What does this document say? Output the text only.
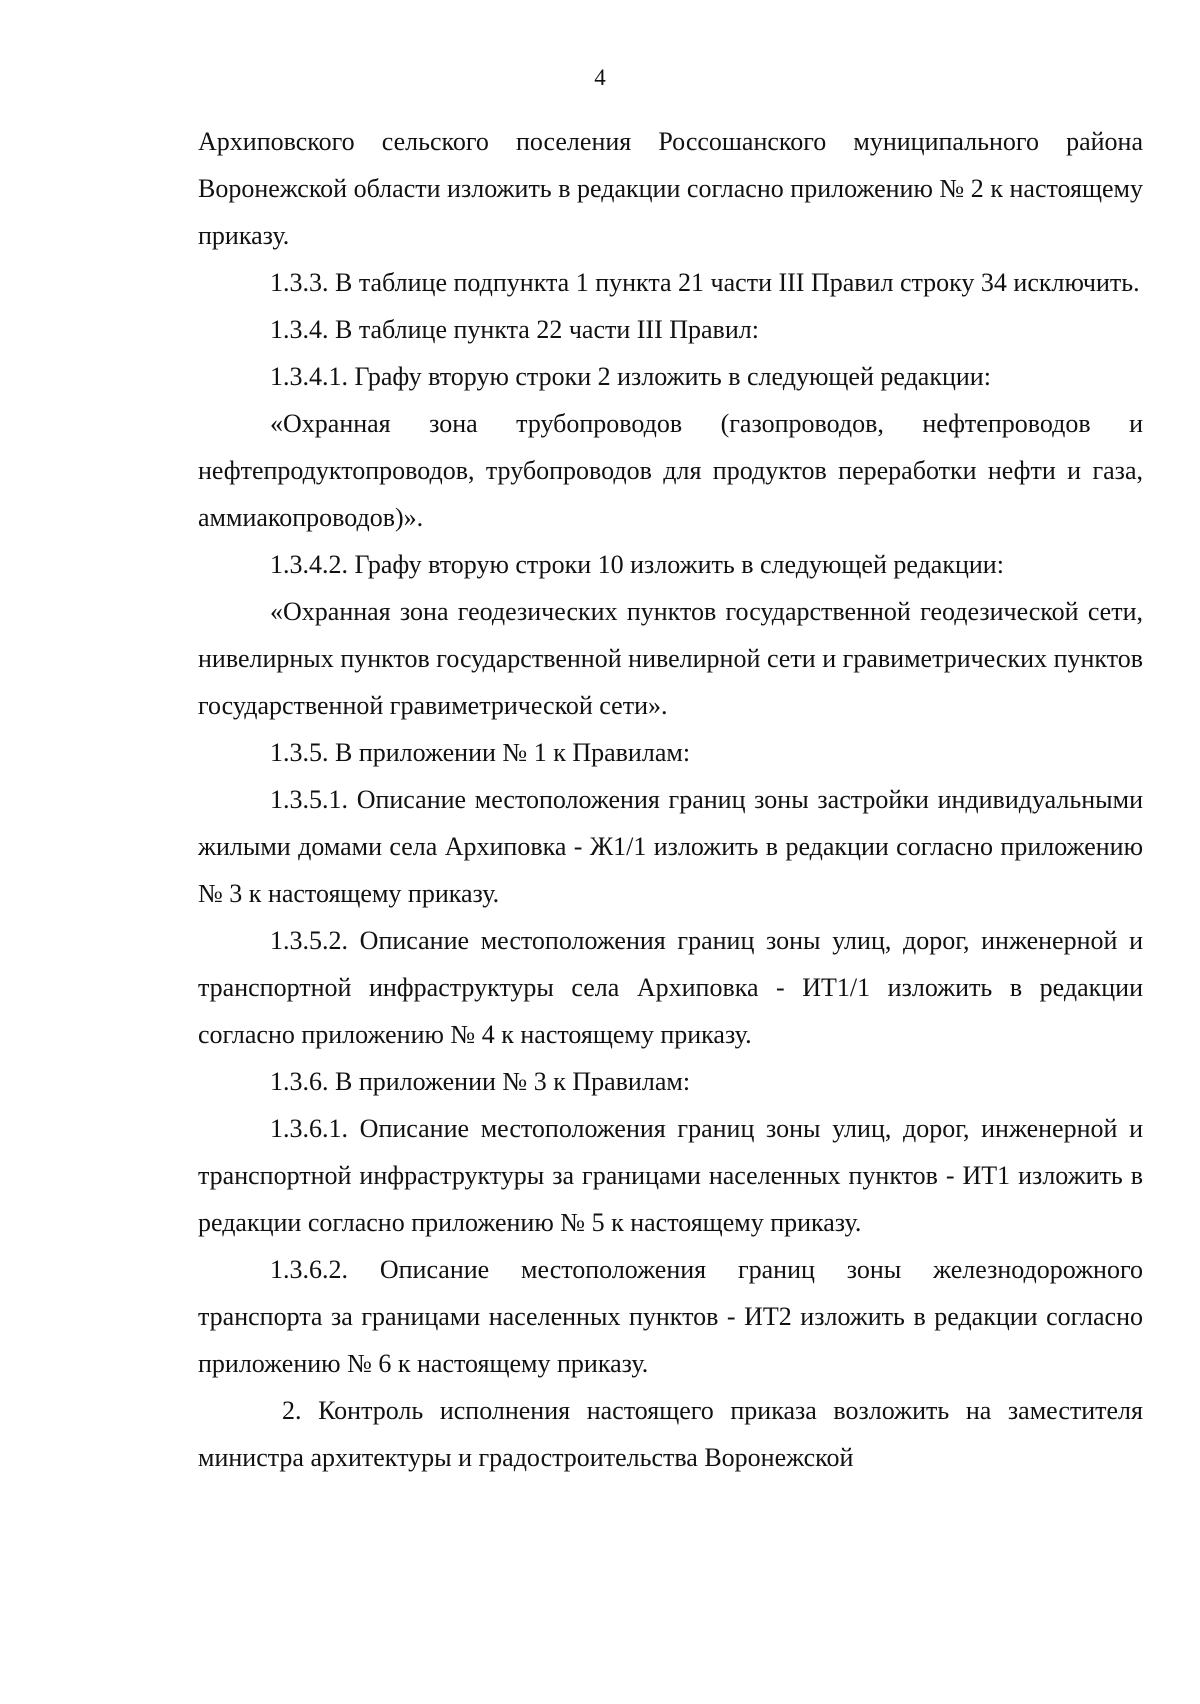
4

Архиповского сельского поселения Россошанского муниципального района Воронежской области изложить в редакции согласно приложению № 2 к настоящему приказу.

1.3.3. В таблице подпункта 1 пункта 21 части III Правил строку 34 исключить.

1.3.4. В таблице пункта 22 части III Правил:

1.3.4.1. Графу вторую строки 2 изложить в следующей редакции:

«Охранная зона трубопроводов (газопроводов, нефтепроводов и нефтепродуктопроводов, трубопроводов для продуктов переработки нефти и газа, аммиакопроводов)».

1.3.4.2. Графу вторую строки 10 изложить в следующей редакции:

«Охранная зона геодезических пунктов государственной геодезической сети, нивелирных пунктов государственной нивелирной сети и гравиметрических пунктов государственной гравиметрической сети».

1.3.5. В приложении № 1 к Правилам:

1.3.5.1. Описание местоположения границ зоны застройки индивидуальными жилыми домами села Архиповка - Ж1/1 изложить в редакции согласно приложению № 3 к настоящему приказу.

1.3.5.2. Описание местоположения границ зоны улиц, дорог, инженерной и транспортной инфраструктуры села Архиповка - ИТ1/1 изложить в редакции согласно приложению № 4 к настоящему приказу.

1.3.6. В приложении № 3 к Правилам:

1.3.6.1. Описание местоположения границ зоны улиц, дорог, инженерной и транспортной инфраструктуры за границами населенных пунктов - ИТ1 изложить в редакции согласно приложению № 5 к настоящему приказу.

1.3.6.2. Описание местоположения границ зоны железнодорожного транспорта за границами населенных пунктов - ИТ2 изложить в редакции согласно приложению № 6 к настоящему приказу.

2. Контроль исполнения настоящего приказа возложить на заместителя министра архитектуры и градостроительства Воронежской
